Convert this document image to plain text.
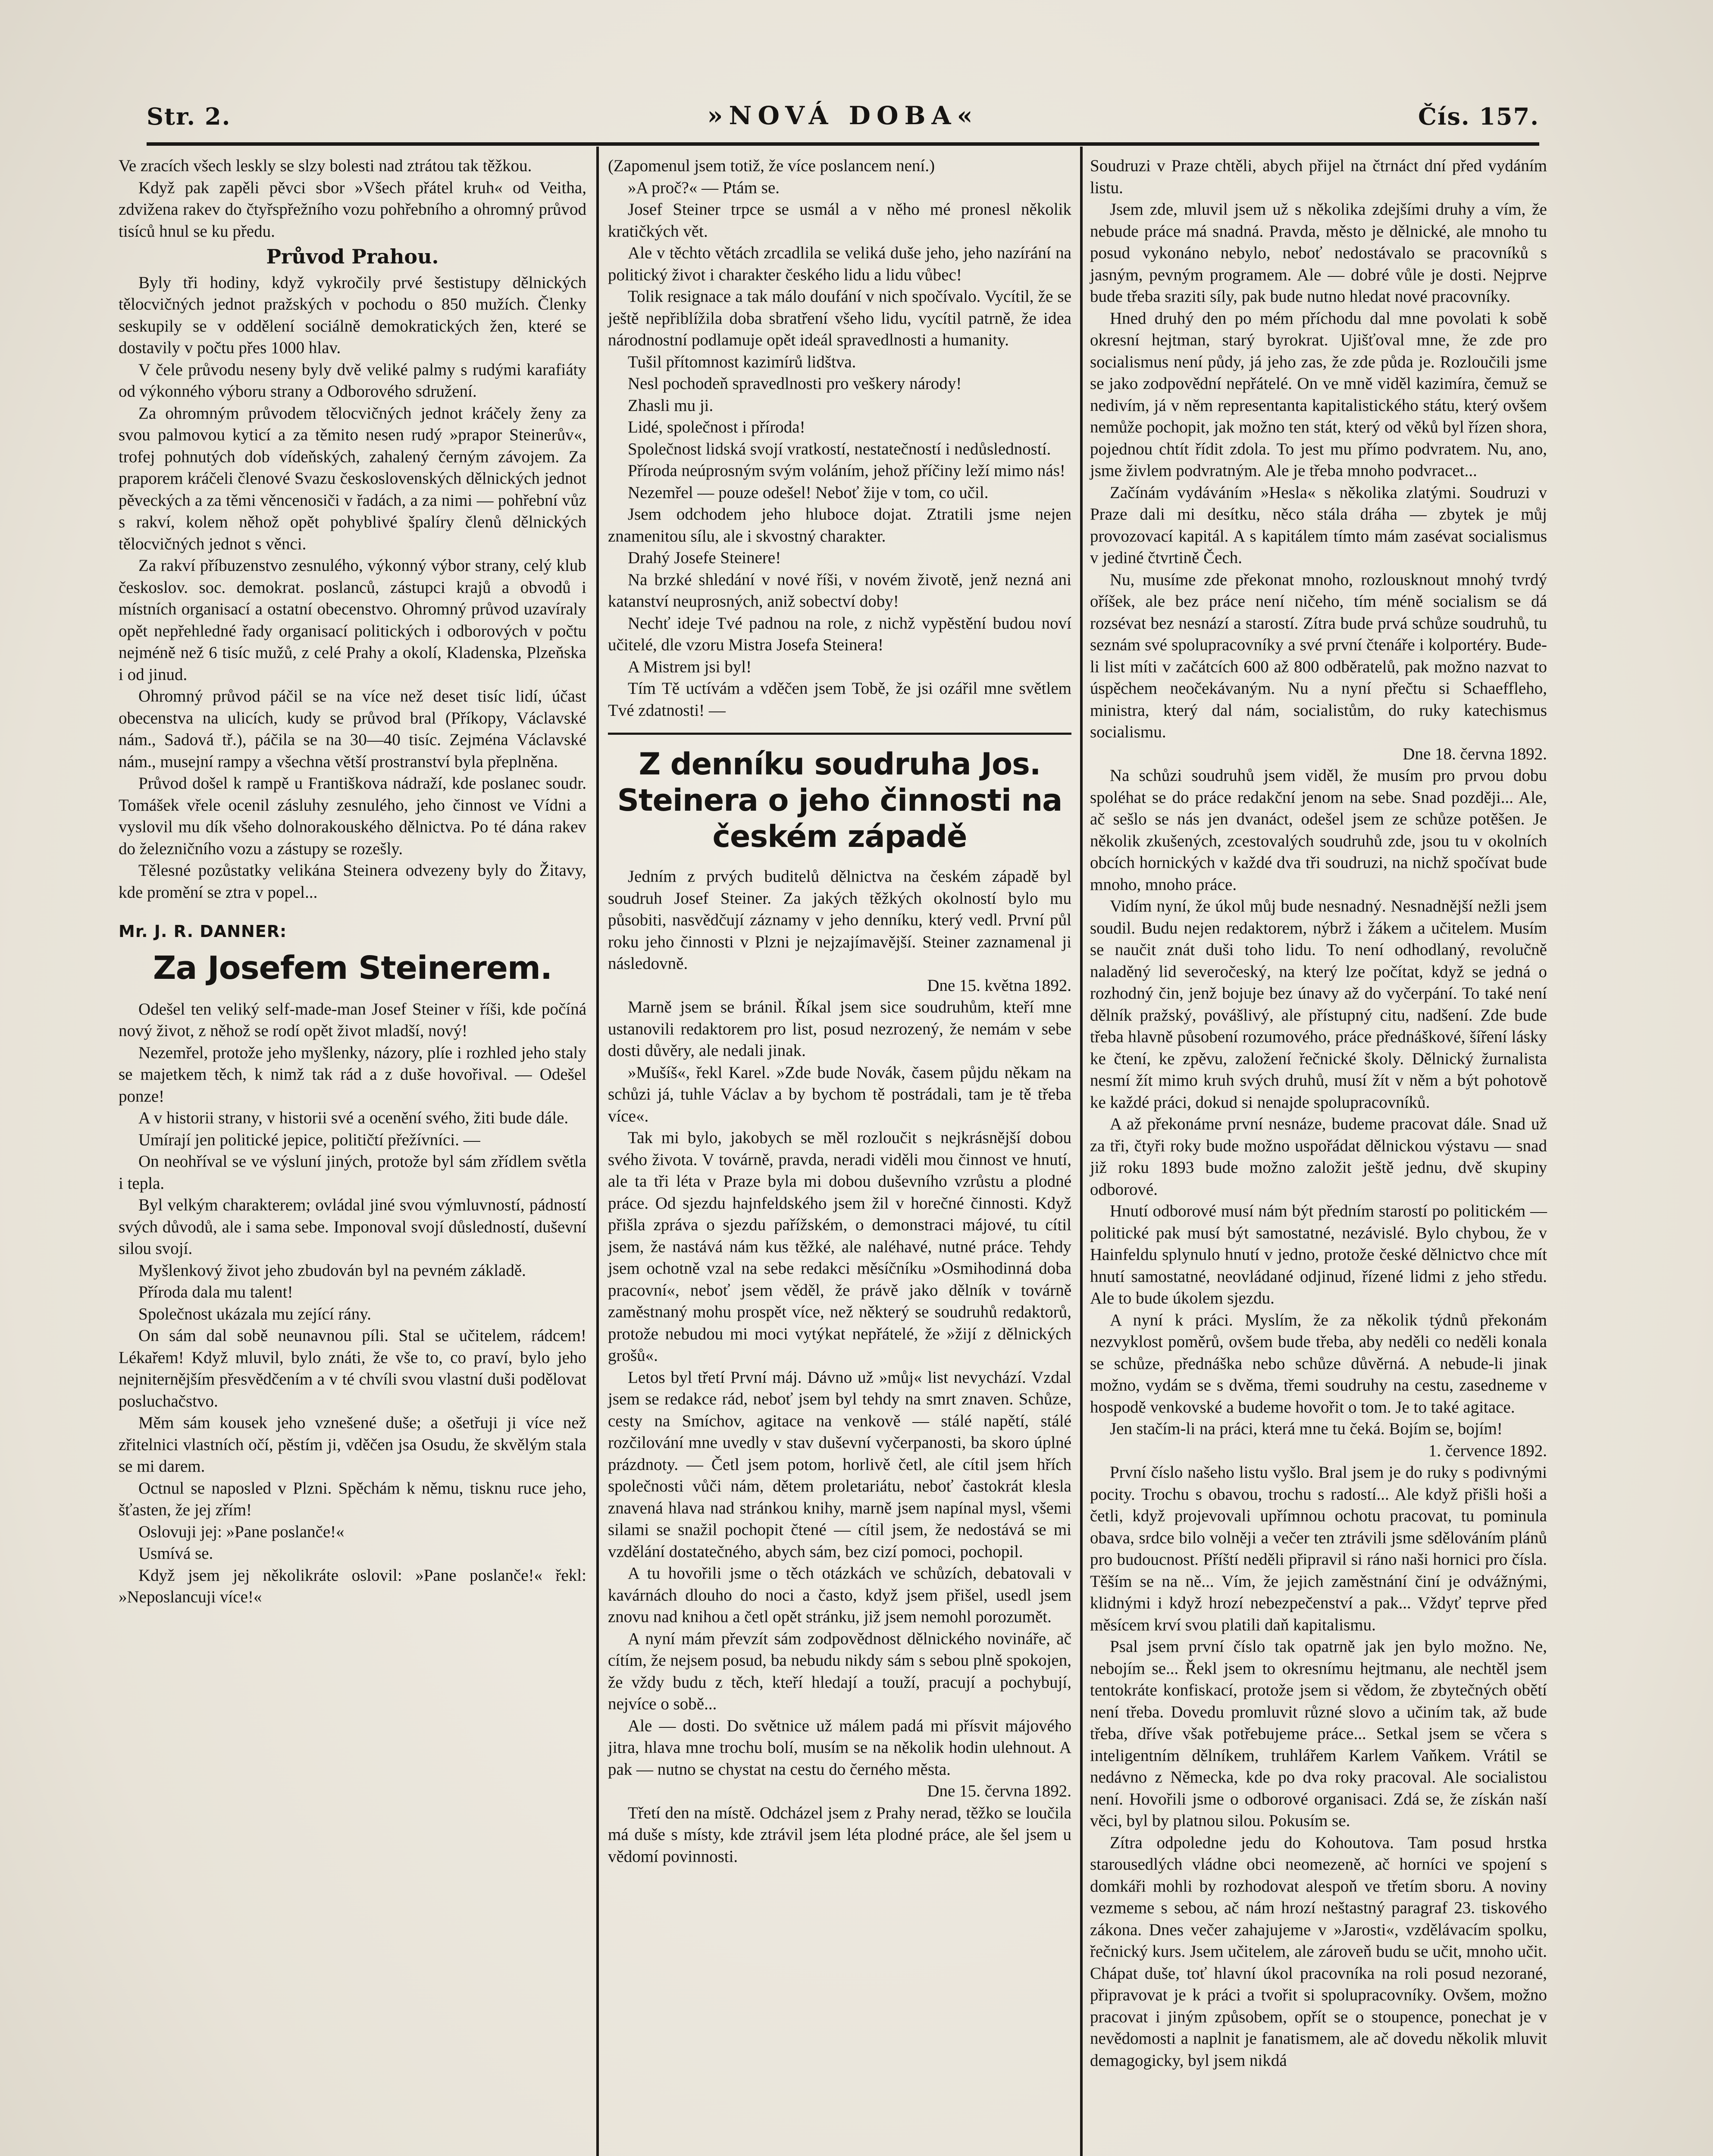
Str. 2.	»NOVÁ DOBA«	Čís. 157.

Ve zracích všech leskly se slzy bolesti nad ztrátou tak těžkou.

Když pak zapěli pěvci sbor »Všech přátel kruh« od Veitha, zdvižena rakev do čtyřspřežního vozu pohřebního a ohromný průvod tisíců hnul se ku předu.

Průvod Prahou.

Byly tři hodiny, když vykročily prvé šestistupy dělnických tělocvičných jednot pražských v pochodu o 850 mužích. Členky seskupily se v oddělení sociálně demokratických žen, které se dostavily v počtu přes 1000 hlav.

V čele průvodu neseny byly dvě veliké palmy s rudými karafiáty od výkonného výboru strany a Odborového sdružení.

Za ohromným průvodem tělocvičných jednot kráčely ženy za svou palmovou kyticí a za těmito nesen rudý »prapor Steinerův«, trofej pohnutých dob vídeňských, zahalený černým závojem. Za praporem kráčeli členové Svazu československých dělnických jednot pěveckých a za těmi věncenosiči v řadách, a za nimi — pohřební vůz s rakví, kolem něhož opět pohyblivé špalíry členů dělnických tělocvičných jednot s věnci.

Za rakví příbuzenstvo zesnulého, výkonný výbor strany, celý klub českoslov. soc. demokrat. poslanců, zástupci krajů a obvodů i místních organisací a ostatní obecenstvo. Ohromný průvod uzavíraly opět nepřehledné řady organisací politických i odborových v počtu nejméně než 6 tisíc mužů, z celé Prahy a okolí, Kladenska, Plzeňska i od jinud.

Ohromný průvod páčil se na více než deset tisíc lidí, účast obecenstva na ulicích, kudy se průvod bral (Příkopy, Václavské nám., Sadová tř.), páčila se na 30—40 tisíc. Zejména Václavské nám., musejní rampy a všechna větší prostranství byla přeplněna.

Průvod došel k rampě u Františkova nádraží, kde poslanec soudr. Tomášek vřele ocenil zásluhy zesnulého, jeho činnost ve Vídni a vyslovil mu dík všeho dolnorakouského dělnictva. Po té dána rakev do železničního vozu a zástupy se rozešly.

Tělesné pozůstatky velikána Steinera odvezeny byly do Žitavy, kde promění se ztra v popel...

Mr. J. R. DANNER:
Za Josefem Steinerem.

Odešel ten veliký self-made-man Josef Steiner v říši, kde počíná nový život, z něhož se rodí opět život mladší, nový!

Nezemřel, protože jeho myšlenky, názory, plíe i rozhled jeho staly se majetkem těch, k nimž tak rád a z duše hovořival. — Odešel ponze!

A v historii strany, v historii své a ocenění svého, žiti bude dále.

Umírají jen politické jepice, političtí přežívníci. —

On neohříval se ve výsluní jiných, protože byl sám zřídlem světla i tepla.

Byl velkým charakterem; ovládal jiné svou výmluvností, pádností svých důvodů, ale i sama sebe. Imponoval svojí důsledností, duševní silou svojí.

Myšlenkový život jeho zbudován byl na pevném základě.

Příroda dala mu talent!

Společnost ukázala mu zející rány.

On sám dal sobě neunavnou píli. Stal se učitelem, rádcem! Lékařem! Když mluvil, bylo znáti, že vše to, co praví, bylo jeho nejniternějším přesvědčením a v té chvíli svou vlastní duši podělovat posluchačstvo.

Měm sám kousek jeho vznešené duše; a ošetřuji ji více než zřitelnici vlastních očí, pěstím ji, vděčen jsa Osudu, že skvělým stala se mi darem.

Octnul se naposled v Plzni. Spěchám k němu, tisknu ruce jeho, šťasten, že jej zřím!

Oslovuji jej: »Pane poslanče!«

Usmívá se.

Když jsem jej několikráte oslovil: »Pane poslanče!« řekl: »Neposlancuji více!«

(Zapomenul jsem totiž, že více poslancem není.)

»A proč?« — Ptám se.

Josef Steiner trpce se usmál a v něho mé pronesl několik kratičkých vět.

Ale v těchto větách zrcadlila se veliká duše jeho, jeho nazírání na politický život i charakter českého lidu a lidu vůbec!

Tolik resignace a tak málo doufání v nich spočívalo. Vycítil, že se ještě nepřiblížila doba sbratření všeho lidu, vycítil patrně, že idea národnostní podlamuje opět ideál spravedlnosti a humanity.

Tušil přítomnost kazimírů lidštva.

Nesl pochodeň spravedlnosti pro veškery národy!

Zhasli mu ji.

Lidé, společnost i příroda!

Společnost lidská svojí vratkostí, nestatečností i nedůsledností.

Příroda neúprosným svým voláním, jehož příčiny leží mimo nás!

Nezemřel — pouze odešel! Neboť žije v tom, co učil.

Jsem odchodem jeho hluboce dojat. Ztratili jsme nejen znamenitou sílu, ale i skvostný charakter.

Drahý Josefe Steinere!

Na brzké shledání v nové říši, v novém životě, jenž nezná ani katanství neuprosných, aniž sobectví doby!

Nechť ideje Tvé padnou na role, z nichž vypěstění budou noví učitelé, dle vzoru Mistra Josefa Steinera!

A Mistrem jsi byl!

Tím Tě uctívám a vděčen jsem Tobě, že jsi ozářil mne světlem Tvé zdatnosti! —

Z denníku soudruha Jos. Steinera o jeho činnosti na českém západě

Jedním z prvých buditelů dělnictva na českém západě byl soudruh Josef Steiner. Za jakých těžkých okolností bylo mu působiti, nasvědčují záznamy v jeho denníku, který vedl. První půl roku jeho činnosti v Plzni je nejzajímavější. Steiner zaznamenal ji následovně.

Dne 15. května 1892.

Marně jsem se bránil. Říkal jsem sice soudruhům, kteří mne ustanovili redaktorem pro list, posud nezrozený, že nemám v sebe dosti důvěry, ale nedali jinak.

»Mušíš«, řekl Karel. »Zde bude Novák, časem půjdu někam na schůzi já, tuhle Václav a by bychom tě postrádali, tam je tě třeba více«.

Tak mi bylo, jakobych se měl rozloučit s nejkrásnější dobou svého života. V továrně, pravda, neradi viděli mou činnost ve hnutí, ale ta tři léta v Praze byla mi dobou duševního vzrůstu a plodné práce. Od sjezdu hajnfeldského jsem žil v horečné činnosti. Když přišla zpráva o sjezdu pařížském, o demonstraci májové, tu cítil jsem, že nastává nám kus těžké, ale naléhavé, nutné práce. Tehdy jsem ochotně vzal na sebe redakci měsíčníku »Osmihodinná doba pracovní«, neboť jsem věděl, že právě jako dělník v továrně zaměstnaný mohu prospět více, než některý se soudruhů redaktorů, protože nebudou mi moci vytýkat nepřátelé, že »žijí z dělnických grošů«.

Letos byl třetí První máj. Dávno už »můj« list nevychází. Vzdal jsem se redakce rád, neboť jsem byl tehdy na smrt znaven. Schůze, cesty na Smíchov, agitace na venkově — stálé napětí, stálé rozčilování mne uvedly v stav duševní vyčerpanosti, ba skoro úplné prázdnoty. — Četl jsem potom, horlivě četl, ale cítil jsem hřích společnosti vůči nám, dětem proletariátu, neboť častokrát klesla znavená hlava nad stránkou knihy, marně jsem napínal mysl, všemi silami se snažil pochopit čtené — cítil jsem, že nedostává se mi vzdělání dostatečného, abych sám, bez cizí pomoci, pochopil.

A tu hovořili jsme o těch otázkách ve schůzích, debatovali v kavárnách dlouho do noci a často, když jsem přišel, usedl jsem znovu nad knihou a četl opět stránku, již jsem nemohl porozumět.

A nyní mám převzít sám zodpovědnost dělnického novináře, ač cítím, že nejsem posud, ba nebudu nikdy sám s sebou plně spokojen, že vždy budu z těch, kteří hledají a touží, pracují a pochybují, nejvíce o sobě...

Ale — dosti. Do světnice už málem padá mi přísvit májového jitra, hlava mne trochu bolí, musím se na několik hodin ulehnout. A pak — nutno se chystat na cestu do černého města.

Dne 15. června 1892.

Třetí den na místě. Odcházel jsem z Prahy nerad, těžko se loučila má duše s místy, kde ztrávil jsem léta plodné práce, ale šel jsem u vědomí povinnosti.

Soudruzi v Praze chtěli, abych přijel na čtrnáct dní před vydáním listu.

Jsem zde, mluvil jsem už s několika zdejšími druhy a vím, že nebude práce má snadná. Pravda, město je dělnické, ale mnoho tu posud vykonáno nebylo, neboť nedostávalo se pracovníků s jasným, pevným programem. Ale — dobré vůle je dosti. Nejprve bude třeba sraziti síly, pak bude nutno hledat nové pracovníky.

Hned druhý den po mém příchodu dal mne povolati k sobě okresní hejtman, starý byrokrat. Ujišťoval mne, že zde pro socialismus není půdy, já jeho zas, že zde půda je. Rozloučili jsme se jako zodpovědní nepřátelé. On ve mně viděl kazimíra, čemuž se nedivím, já v něm representanta kapitalistického státu, který ovšem nemůže pochopit, jak možno ten stát, který od věků byl řízen shora, pojednou chtít řídit zdola. To jest mu přímo podvratem. Nu, ano, jsme živlem podvratným. Ale je třeba mnoho podvracet...

Začínám vydáváním »Hesla« s několika zlatými. Soudruzi v Praze dali mi desítku, něco stála dráha — zbytek je můj provozovací kapitál. A s kapitálem tímto mám zasévat socialismus v jediné čtvrtině Čech.

Nu, musíme zde překonat mnoho, rozlousknout mnohý tvrdý oříšek, ale bez práce není ničeho, tím méně socialism se dá rozsévat bez nesnází a starostí. Zítra bude prvá schůze soudruhů, tu seznám své spolupracovníky a své první čtenáře i kolportéry. Bude-li list míti v začátcích 600 až 800 odběratelů, pak možno nazvat to úspěchem neočekávaným. Nu a nyní přečtu si Schaeffleho, ministra, který dal nám, socialistům, do ruky katechismus socialismu.

Dne 18. června 1892.

Na schůzi soudruhů jsem viděl, že musím pro prvou dobu spoléhat se do práce redakční jenom na sebe. Snad později... Ale, ač sešlo se nás jen dvanáct, odešel jsem ze schůze potěšen. Je několik zkušených, zcestovalých soudruhů zde, jsou tu v okolních obcích hornických v každé dva tři soudruzi, na nichž spočívat bude mnoho, mnoho práce.

Vidím nyní, že úkol můj bude nesnadný. Nesnadnější nežli jsem soudil. Budu nejen redaktorem, nýbrž i žákem a učitelem. Musím se naučit znát duši toho lidu. To není odhodlaný, revolučně naladěný lid severočeský, na který lze počítat, když se jedná o rozhodný čin, jenž bojuje bez únavy až do vyčerpání. To také není dělník pražský, povášlivý, ale přístupný citu, nadšení. Zde bude třeba hlavně působení rozumového, práce přednáškové, šíření lásky ke čtení, ke zpěvu, založení řečnické školy. Dělnický žurnalista nesmí žít mimo kruh svých druhů, musí žít v něm a být pohotově ke každé práci, dokud si nenajde spolupracovníků.

A až překonáme první nesnáze, budeme pracovat dále. Snad už za tři, čtyři roky bude možno uspořádat dělnickou výstavu — snad již roku 1893 bude možno založit ještě jednu, dvě skupiny odborové.

Hnutí odborové musí nám být předním starostí po politickém — politické pak musí být samostatné, nezávislé. Bylo chybou, že v Hainfeldu splynulo hnutí v jedno, protože české dělnictvo chce mít hnutí samostatné, neovládané odjinud, řízené lidmi z jeho středu. Ale to bude úkolem sjezdu.

A nyní k práci. Myslím, že za několik týdnů překonám nezvyklost poměrů, ovšem bude třeba, aby neděli co neděli konala se schůze, přednáška nebo schůze důvěrná. A nebude-li jinak možno, vydám se s dvěma, třemi soudruhy na cestu, zasedneme v hospodě venkovské a budeme hovořit o tom. Je to také agitace.

Jen stačím-li na práci, která mne tu čeká. Bojím se, bojím!

1. července 1892.

První číslo našeho listu vyšlo. Bral jsem je do ruky s podivnými pocity. Trochu s obavou, trochu s radostí... Ale když přišli hoši a četli, když projevovali upřímnou ochotu pracovat, tu pominula obava, srdce bilo volněji a večer ten ztrávili jsme sdělováním plánů pro budoucnost. Příští neděli připravil si ráno naši hornici pro čísla. Těším se na ně... Vím, že jejich zaměstnání činí je odvážnými, klidnými i když hrozí nebezpečenství a pak... Vždyť teprve před měsícem krví svou platili daň kapitalismu.

Psal jsem první číslo tak opatrně jak jen bylo možno. Ne, nebojím se... Řekl jsem to okresnímu hejtmanu, ale nechtěl jsem tentokráte konfiskací, protože jsem si vědom, že zbytečných obětí není třeba. Dovedu promluvit různé slovo a učiním tak, až bude třeba, dříve však potřebujeme práce... Setkal jsem se včera s inteligentním dělníkem, truhlářem Karlem Vaňkem. Vrátil se nedávno z Německa, kde po dva roky pracoval. Ale socialistou není. Hovořili jsme o odborové organisaci. Zdá se, že získán naší věci, byl by platnou silou. Pokusím se.

Zítra odpoledne jedu do Kohoutova. Tam posud hrstka starousedlých vládne obci neomezeně, ač horníci ve spojení s domkáři mohli by rozhodovat alespoň ve třetím sboru. A noviny vezmeme s sebou, ač nám hrozí neštastný paragraf 23. tiskového zákona. Dnes večer zahajujeme v »Jarosti«, vzdělávacím spolku, řečnický kurs. Jsem učitelem, ale zároveň budu se učit, mnoho učit. Chápat duše, toť hlavní úkol pracovníka na roli posud nezorané, připravovat je k práci a tvořit si spolupracovníky. Ovšem, možno pracovat i jiným způsobem, opřít se o stoupence, ponechat je v nevědomosti a naplnit je fanatismem, ale ač dovedu několik mluvit demagogicky, byl jsem nikdá
